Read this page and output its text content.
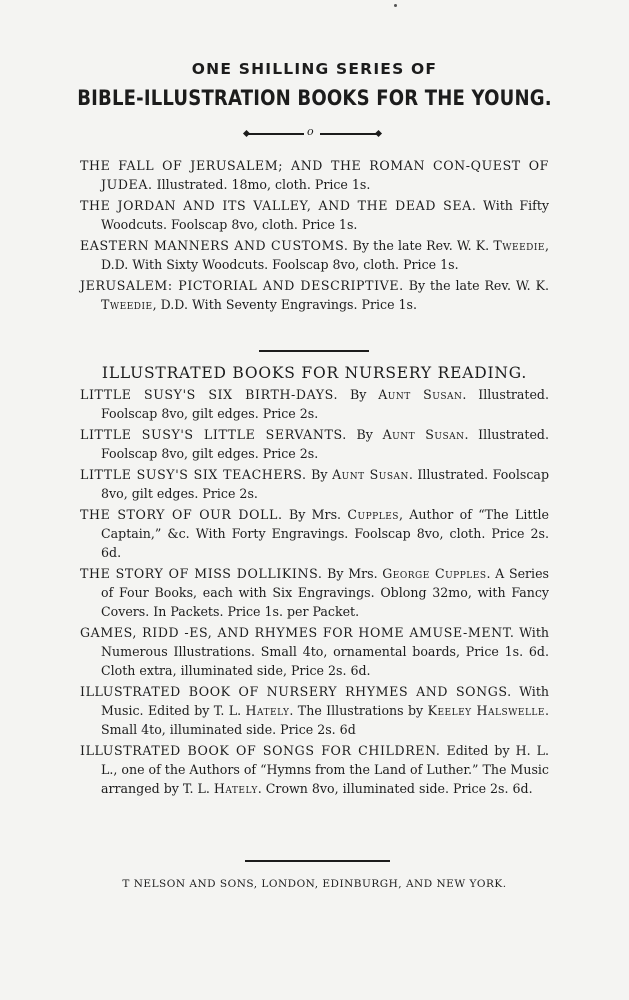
ONE SHILLING SERIES OF
BIBLE-ILLUSTRATION BOOKS FOR THE YOUNG.
o
THE FALL OF JERUSALEM; AND THE ROMAN CON-QUEST OF JUDEA. Illustrated. 18mo, cloth. Price 1s.
THE JORDAN AND ITS VALLEY, AND THE DEAD SEA. With Fifty Woodcuts. Foolscap 8vo, cloth. Price 1s.
EASTERN MANNERS AND CUSTOMS. By the late Rev. W. K. Tweedie, D.D. With Sixty Woodcuts. Foolscap 8vo, cloth. Price 1s.
JERUSALEM: PICTORIAL AND DESCRIPTIVE. By the late Rev. W. K. Tweedie, D.D. With Seventy Engravings. Price 1s.
ILLUSTRATED BOOKS FOR NURSERY READING.
LITTLE SUSY'S SIX BIRTH-DAYS. By Aunt Susan. Illustrated. Foolscap 8vo, gilt edges. Price 2s.
LITTLE SUSY'S LITTLE SERVANTS. By Aunt Susan. Illustrated. Foolscap 8vo, gilt edges. Price 2s.
LITTLE SUSY'S SIX TEACHERS. By Aunt Susan. Illustrated. Foolscap 8vo, gilt edges. Price 2s.
THE STORY OF OUR DOLL. By Mrs. Cupples, Author of “The Little Captain,” &c. With Forty Engravings. Foolscap 8vo, cloth. Price 2s. 6d.
THE STORY OF MISS DOLLIKINS. By Mrs. George Cupples. A Series of Four Books, each with Six Engravings. Oblong 32mo, with Fancy Covers. In Packets. Price 1s. per Packet.
GAMES, RIDD -ES, AND RHYMES FOR HOME AMUSE-MENT. With Numerous Illustrations. Small 4to, ornamental boards, Price 1s. 6d. Cloth extra, illuminated side, Price 2s. 6d.
ILLUSTRATED BOOK OF NURSERY RHYMES AND SONGS. With Music. Edited by T. L. Hately. The Illustrations by Keeley Halswelle. Small 4to, illuminated side. Price 2s. 6d
ILLUSTRATED BOOK OF SONGS FOR CHILDREN. Edited by H. L. L., one of the Authors of “Hymns from the Land of Luther.” The Music arranged by T. L. Hately. Crown 8vo, illuminated side. Price 2s. 6d.
T NELSON AND SONS, LONDON, EDINBURGH, AND NEW YORK.
